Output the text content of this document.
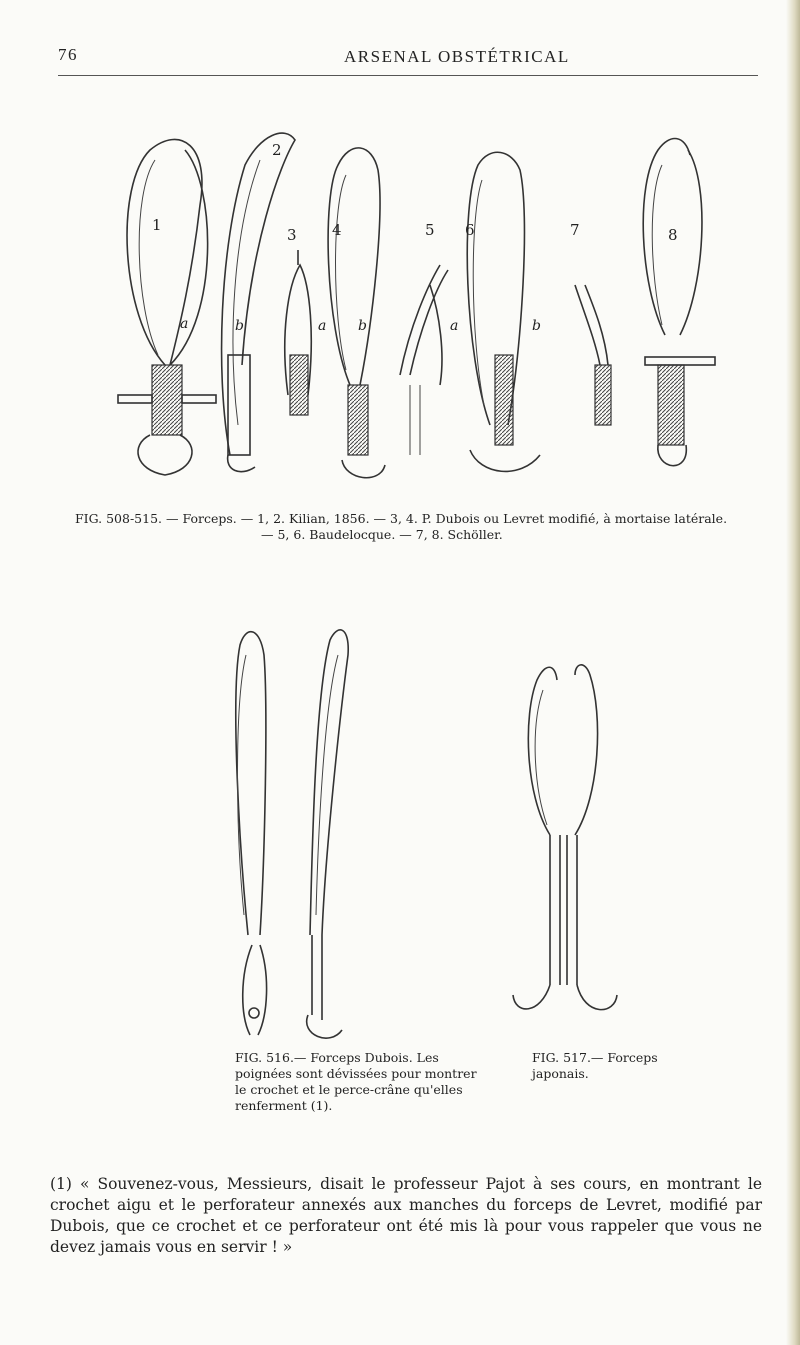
76	ARSENAL OBSTÉTRICAL
1
2
3 4	5 6	7	8
a	b	a b	a	b
FIG. 508-515. — Forceps. — 1, 2. Kilian, 1856. — 3, 4. P. Dubois ou Levret modifié, à mortaise latérale.
— 5, 6. Baudelocque. — 7, 8. Schöller.
FIG. 516.— Forceps Dubois. Les poignées sont dévissées pour montrer le crochet et le perce-crâne qu'elles renferment (1).
FIG. 517.— Forceps japonais.

(1) « Souvenez-vous, Messieurs, disait le professeur Pajot à ses cours, en montrant le crochet aigu et le perforateur annexés aux manches du forceps de Levret, modifié par Dubois, que ce crochet et ce perforateur ont été mis là pour vous rappeler que vous ne devez jamais vous en servir ! »
